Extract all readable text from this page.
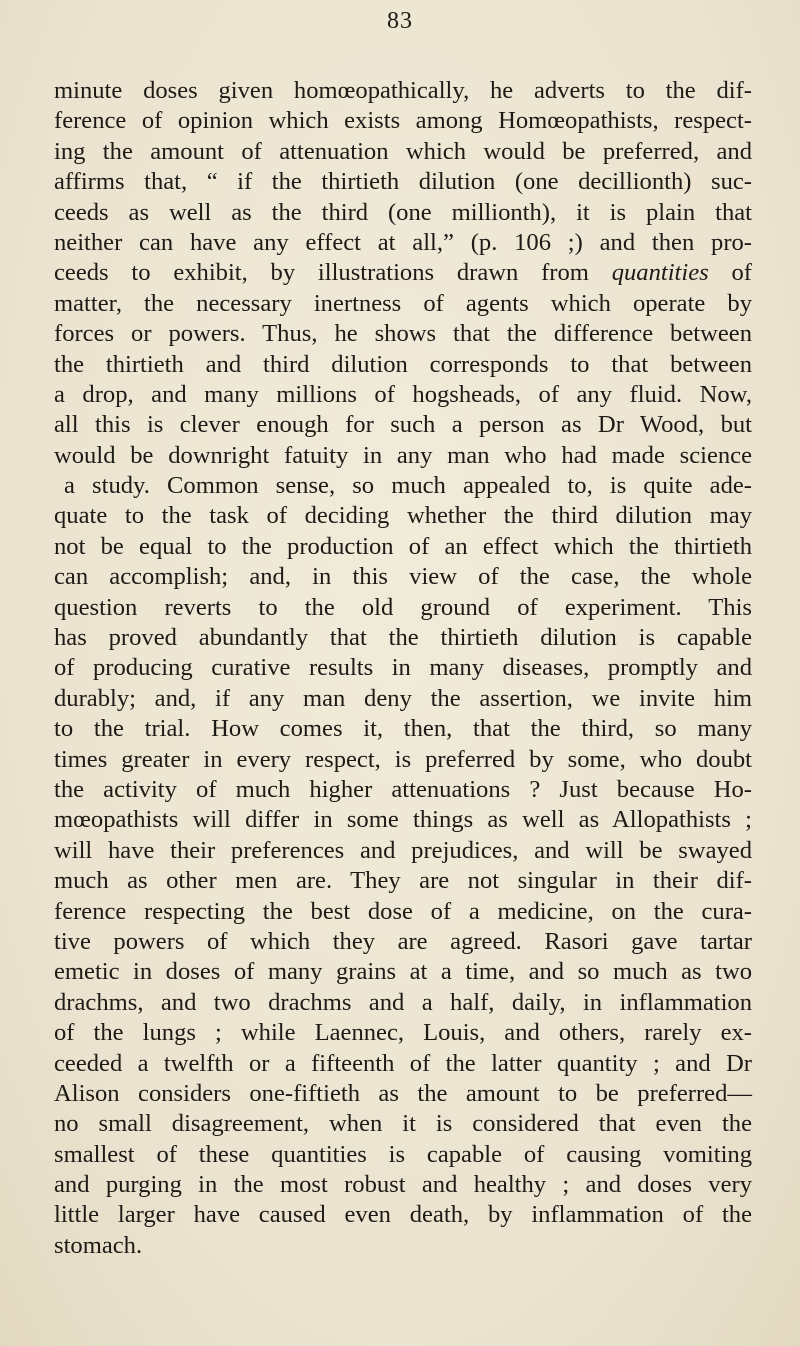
83
minute doses given homœopathically, he adverts to the dif-
ference of opinion which exists among Homœopathists, respect-
ing the amount of attenuation which would be preferred, and
affirms that, “ if the thirtieth dilution (one decillionth) suc-
ceeds as well as the third (one millionth), it is plain that
neither can have any effect at all,” (p. 106 ;) and then pro-
ceeds to exhibit, by illustrations drawn from quantities of
matter, the necessary inertness of agents which operate by
forces or powers. Thus, he shows that the difference between
the thirtieth and third dilution corresponds to that between
a drop, and many millions of hogsheads, of any fluid. Now,
all this is clever enough for such a person as Dr Wood, but
would be downright fatuity in any man who had made science
a study. Common sense, so much appealed to, is quite ade-
quate to the task of deciding whether the third dilution may
not be equal to the production of an effect which the thirtieth
can accomplish; and, in this view of the case, the whole
question reverts to the old ground of experiment. This
has proved abundantly that the thirtieth dilution is capable
of producing curative results in many diseases, promptly and
durably; and, if any man deny the assertion, we invite him
to the trial. How comes it, then, that the third, so many
times greater in every respect, is preferred by some, who doubt
the activity of much higher attenuations ? Just because Ho-
mœopathists will differ in some things as well as Allopathists ;
will have their preferences and prejudices, and will be swayed
much as other men are. They are not singular in their dif-
ference respecting the best dose of a medicine, on the cura-
tive powers of which they are agreed. Rasori gave tartar
emetic in doses of many grains at a time, and so much as two
drachms, and two drachms and a half, daily, in inflammation
of the lungs ; while Laennec, Louis, and others, rarely ex-
ceeded a twelfth or a fifteenth of the latter quantity ; and Dr
Alison considers one-fiftieth as the amount to be preferred—
no small disagreement, when it is considered that even the
smallest of these quantities is capable of causing vomiting
and purging in the most robust and healthy ; and doses very
little larger have caused even death, by inflammation of the
stomach.
